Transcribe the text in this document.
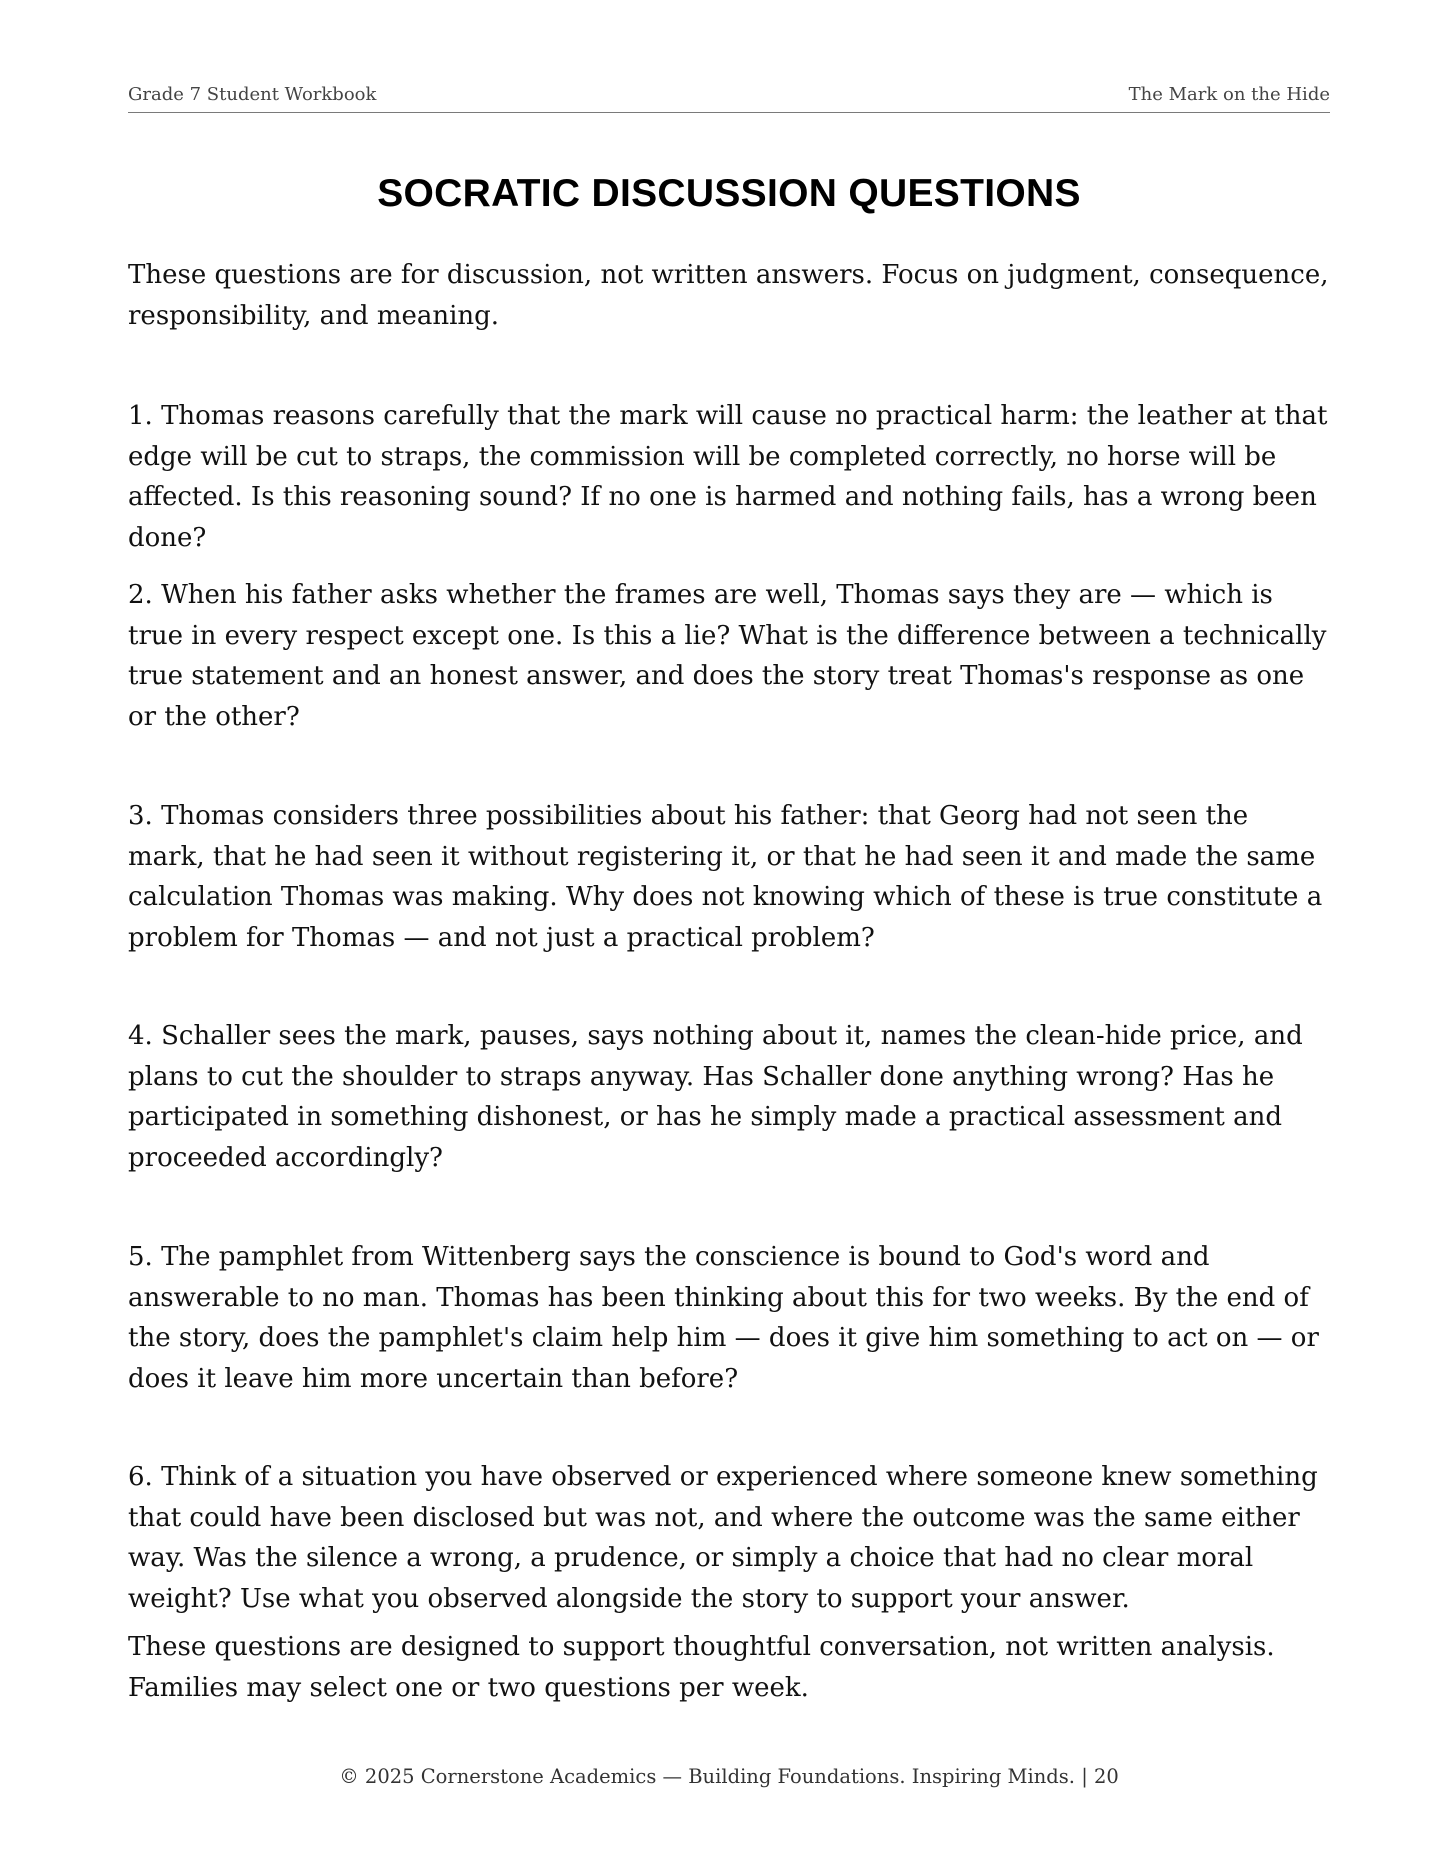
Grade 7 Student Workbook	The Mark on the Hide
SOCRATIC DISCUSSION QUESTIONS

These questions are for discussion, not written answers. Focus on judgment, consequence, responsibility, and meaning.

1. Thomas reasons carefully that the mark will cause no practical harm: the leather at that edge will be cut to straps, the commission will be completed correctly, no horse will be affected. Is this reasoning sound? If no one is harmed and nothing fails, has a wrong been done?

2. When his father asks whether the frames are well, Thomas says they are — which is true in every respect except one. Is this a lie? What is the difference between a technically true statement and an honest answer, and does the story treat Thomas's response as one or the other?

3. Thomas considers three possibilities about his father: that Georg had not seen the mark, that he had seen it without registering it, or that he had seen it and made the same calculation Thomas was making. Why does not knowing which of these is true constitute a problem for Thomas — and not just a practical problem?

4. Schaller sees the mark, pauses, says nothing about it, names the clean-hide price, and plans to cut the shoulder to straps anyway. Has Schaller done anything wrong? Has he participated in something dishonest, or has he simply made a practical assessment and proceeded accordingly?

5. The pamphlet from Wittenberg says the conscience is bound to God's word and answerable to no man. Thomas has been thinking about this for two weeks. By the end of the story, does the pamphlet's claim help him — does it give him something to act on — or does it leave him more uncertain than before?

6. Think of a situation you have observed or experienced where someone knew something that could have been disclosed but was not, and where the outcome was the same either way. Was the silence a wrong, a prudence, or simply a choice that had no clear moral weight? Use what you observed alongside the story to support your answer.

These questions are designed to support thoughtful conversation, not written analysis. Families may select one or two questions per week.

© 2025 Cornerstone Academics — Building Foundations. Inspiring Minds. | 20
